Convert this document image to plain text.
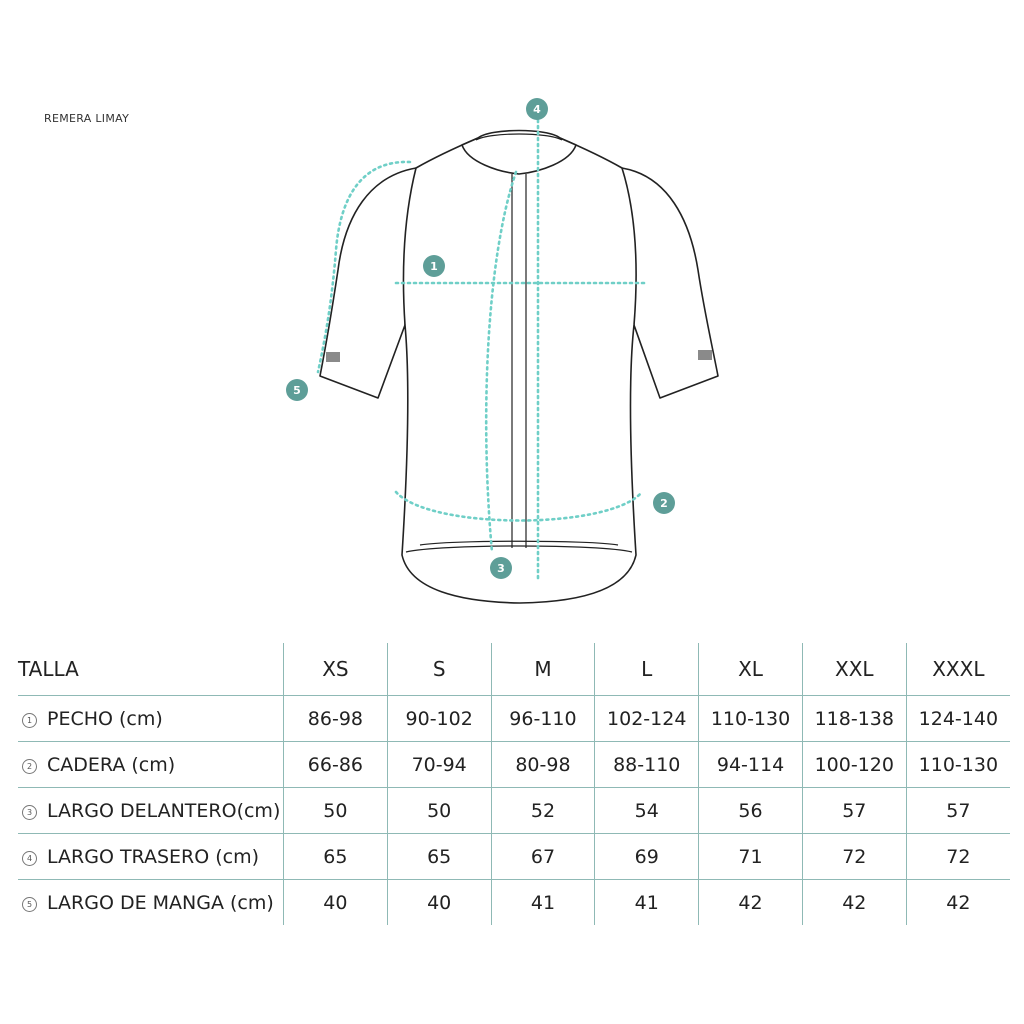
REMERA LIMAY
1
2
3
4
5
TALLA	XS	S	M	L	XL	XXL	XXXL
1 PECHO (cm)	86-98	90-102	96-110	102-124	110-130	118-138	124-140
2 CADERA (cm)	66-86	70-94	80-98	88-110	94-114	100-120	110-130
3 LARGO DELANTERO(cm)	50	50	52	54	56	57	57
4 LARGO TRASERO (cm)	65	65	67	69	71	72	72
5 LARGO DE MANGA (cm)	40	40	41	41	42	42	42
